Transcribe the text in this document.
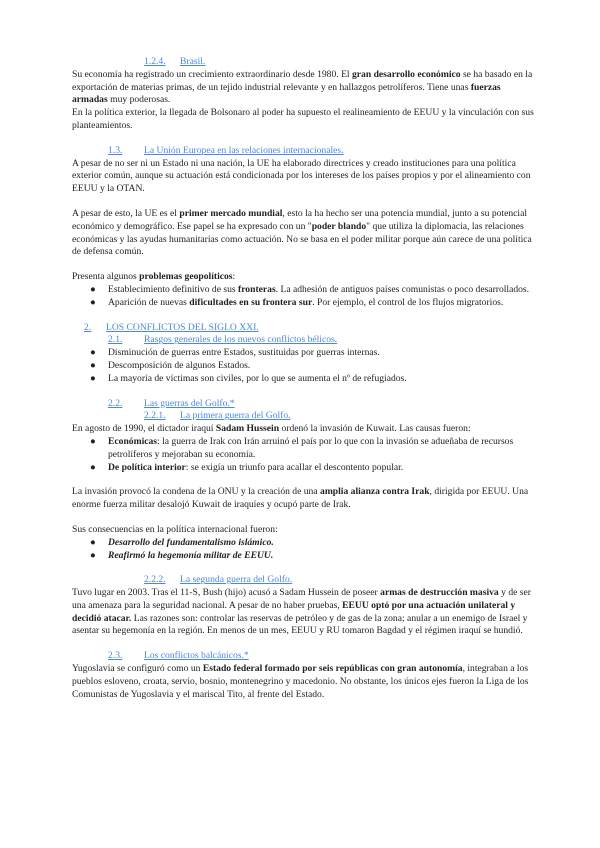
1.2.4.	Brasil.

Su economía ha registrado un crecimiento extraordinario desde 1980. El gran desarrollo económico se ha basado en la exportación de materias primas, de un tejido industrial relevante y en hallazgos petrolíferos. Tiene unas fuerzas armadas muy poderosas.

En la política exterior, la llegada de Bolsonaro al poder ha supuesto el realineamiento de EEUU y la vinculación con sus planteamientos.

1.3.	La Unión Europea en las relaciones internacionales.

A pesar de no ser ni un Estado ni una nación, la UE ha elaborado directrices y creado instituciones para una política exterior común, aunque su actuación está condicionada por los intereses de los países propios y por el alineamiento con EEUU y la OTAN.

A pesar de esto, la UE es el primer mercado mundial, esto la ha hecho ser una potencia mundial, junto a su potencial económico y demográfico. Ese papel se ha expresado con un "poder blando" que utiliza la diplomacia, las relaciones económicas y las ayudas humanitarias como actuación. No se basa en el poder militar porque aún carece de una política de defensa común.

Presenta algunos problemas geopolíticos:

● Establecimiento definitivo de sus fronteras. La adhesión de antiguos países comunistas o poco desarrollados.
● Aparición de nuevas dificultades en su frontera sur. Por ejemplo, el control de los flujos migratorios.
2.	LOS CONFLICTOS DEL SIGLO XXI.
2.1.	Rasgos generales de los nuevos conflictos bélicos.
● Disminución de guerras entre Estados, sustituidas por guerras internas.
● Descomposición de algunos Estados.
● La mayoría de víctimas son civiles, por lo que se aumenta el nº de refugiados.
2.2.	Las guerras del Golfo.*
2.2.1.	La primera guerra del Golfo.

En agosto de 1990, el dictador iraquí Sadam Hussein ordenó la invasión de Kuwait. Las causas fueron:

● Económicas: la guerra de Irak con Irán arruinó el país por lo que con la invasión se adueñaba de recursos petrolíferos y mejoraban su economía.
● De política interior: se exigía un triunfo para acallar el descontento popular.

La invasión provocó la condena de la ONU y la creación de una amplia alianza contra Irak, dirigida por EEUU. Una enorme fuerza militar desalojó Kuwait de iraquíes y ocupó parte de Irak.

Sus consecuencias en la política internacional fueron:

● Desarrollo del fundamentalismo islámico.
● Reafirmó la hegemonía militar de EEUU.
2.2.2.	La segunda guerra del Golfo.

Tuvo lugar en 2003. Tras el 11-S, Bush (hijo) acusó a Sadam Hussein de poseer armas de destrucción masiva y de ser una amenaza para la seguridad nacional. A pesar de no haber pruebas, EEUU optó por una actuación unilateral y decidió atacar. Las razones son: controlar las reservas de petróleo y de gas de la zona; anular a un enemigo de Israel y asentar su hegemonía en la región. En menos de un mes, EEUU y RU tomaron Bagdad y el régimen iraquí se hundió.

2.3.	Los conflictos balcánicos.*

Yugoslavia se configuró como un Estado federal formado por seis repúblicas con gran autonomía, integraban a los pueblos esloveno, croata, servio, bosnio, montenegrino y macedonio. No obstante, los únicos ejes fueron la Liga de los Comunistas de Yugoslavia y el mariscal Tito, al frente del Estado.
